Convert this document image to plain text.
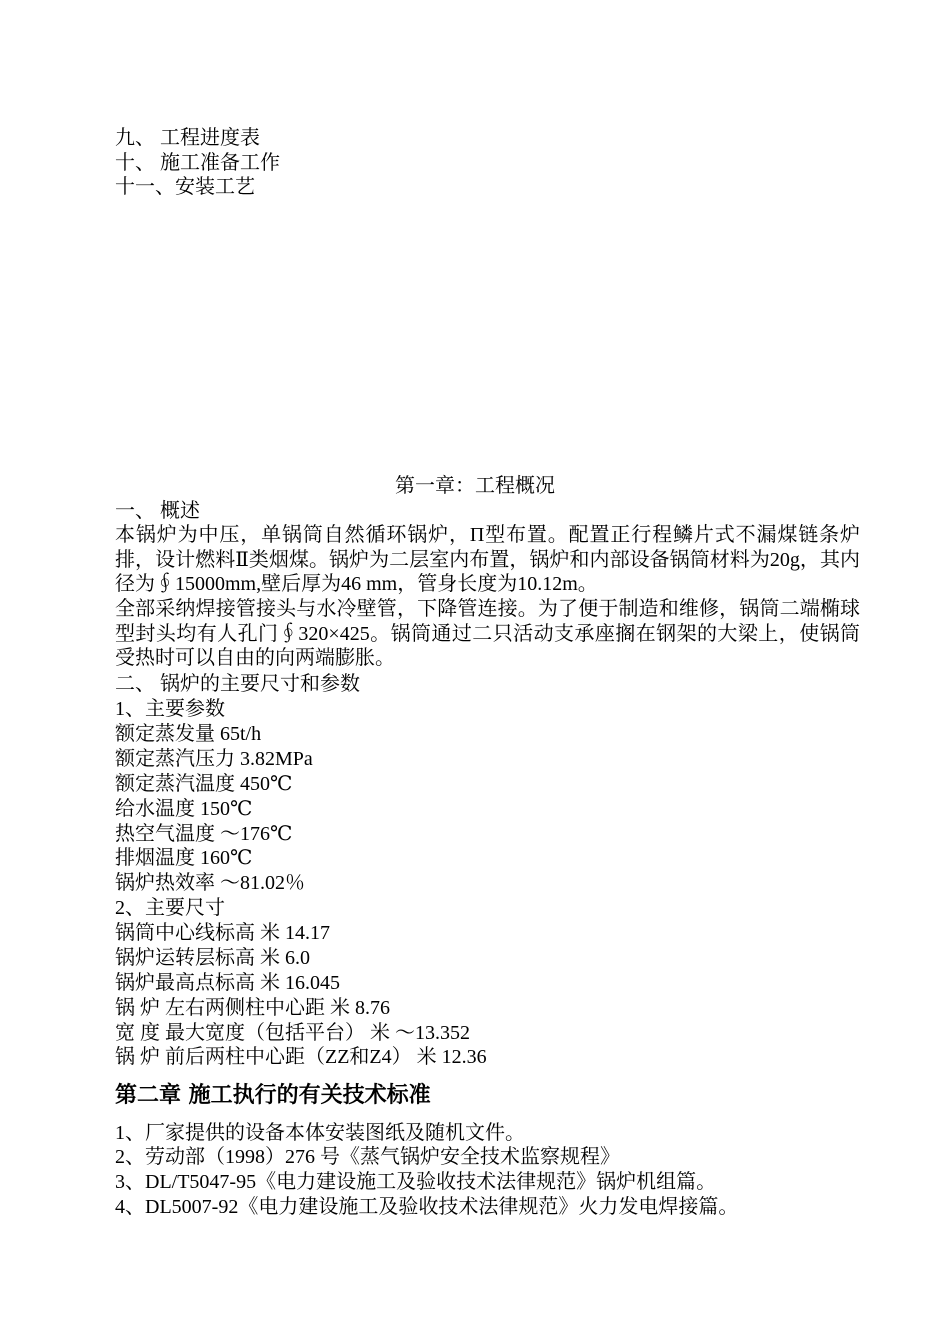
九、 工程进度表
十、 施工准备工作
十一、安装工艺
第一章：工程概况
一、 概述
本锅炉为中压，单锅筒自然循环锅炉，Π型布置。配置正行程鳞片式不漏煤链条炉排，设计燃料Ⅱ类烟煤。锅炉为二层室内布置，锅炉和内部设备锅筒材料为20g，其内径为∮15000mm,壁后厚为46 mm，管身长度为10.12m。
全部采纳焊接管接头与水冷壁管，下降管连接。为了便于制造和维修，锅筒二端椭球型封头均有人孔门∮320×425。锅筒通过二只活动支承座搁在钢架的大梁上，使锅筒受热时可以自由的向两端膨胀。
二、 锅炉的主要尺寸和参数
1、主要参数
额定蒸发量 65t/h
额定蒸汽压力 3.82MPa
额定蒸汽温度 450℃
给水温度 150℃
热空气温度 ～176℃
排烟温度 160℃
锅炉热效率 ～81.02％
2、主要尺寸
锅筒中心线标高 米 14.17
锅炉运转层标高 米 6.0
锅炉最高点标高 米 16.045
锅 炉 左右两侧柱中心距 米 8.76
宽 度 最大宽度（包括平台） 米 ～13.352
锅 炉 前后两柱中心距（ZZ和Z4） 米 12.36
第二章 施工执行的有关技术标准
1、厂家提供的设备本体安装图纸及随机文件。
2、劳动部（1998）276 号《蒸气锅炉安全技术监察规程》
3、DL/T5047-95《电力建设施工及验收技术法律规范》锅炉机组篇。
4、DL5007-92《电力建设施工及验收技术法律规范》火力发电焊接篇。
